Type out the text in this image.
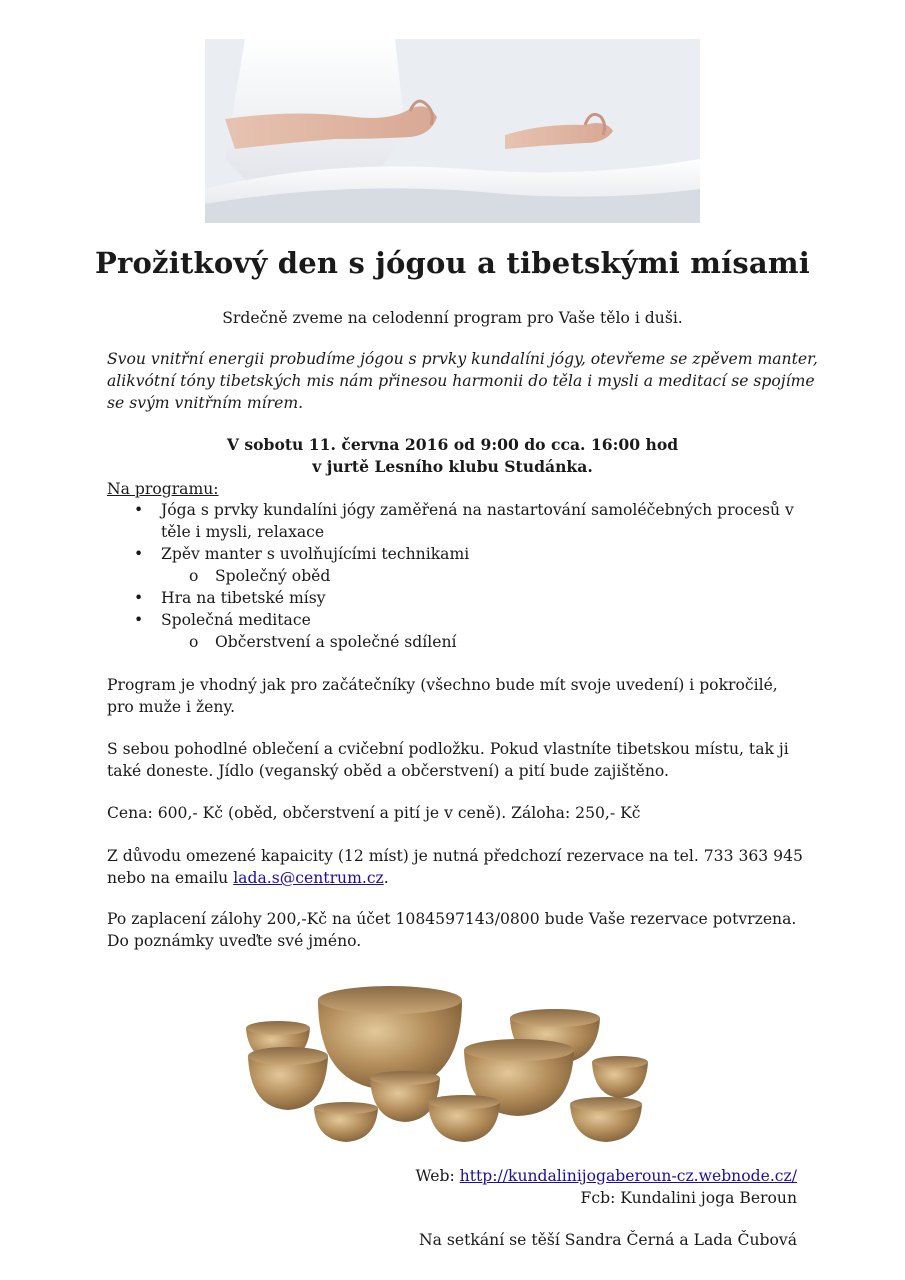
Prožitkový den s jógou a tibetskými mísami
Srdečně zveme na celodenní program pro Vaše tělo i duši.
Svou vnitřní energii probudíme jógou s prvky kundalíni jógy, otevřeme se zpěvem manter,
alikvótní tóny tibetských mis nám přinesou harmonii do těla i mysli a meditací se spojíme
se svým vnitřním mírem.
V sobotu 11. června 2016 od 9:00 do cca. 16:00 hod
v jurtě Lesního klubu Studánka.
Na programu:
• Jóga s prvky kundalíni jógy zaměřená na nastartování samoléčebných procesů v
těle i mysli, relaxace
• Zpěv manter s uvolňujícími technikami
o Společný oběd
• Hra na tibetské mísy
• Společná meditace
o Občerstvení a společné sdílení
Program je vhodný jak pro začátečníky (všechno bude mít svoje uvedení) i pokročilé,
pro muže i ženy.
S sebou pohodlné oblečení a cvičební podložku. Pokud vlastníte tibetskou místu, tak ji
také doneste. Jídlo (veganský oběd a občerstvení) a pití bude zajištěno.
Cena: 600,- Kč (oběd, občerstvení a pití je v ceně). Záloha: 250,- Kč
Z důvodu omezené kapaicity (12 míst) je nutná předchozí rezervace na tel. 733 363 945
nebo na emailu lada.s@centrum.cz.
Po zaplacení zálohy 200,-Kč na účet 1084597143/0800 bude Vaše rezervace potvrzena.
Do poznámky uveďte své jméno.
Web: http://kundalinijogaberoun-cz.webnode.cz/
Fcb: Kundalini joga Beroun
Na setkání se těší Sandra Černá a Lada Čubová
